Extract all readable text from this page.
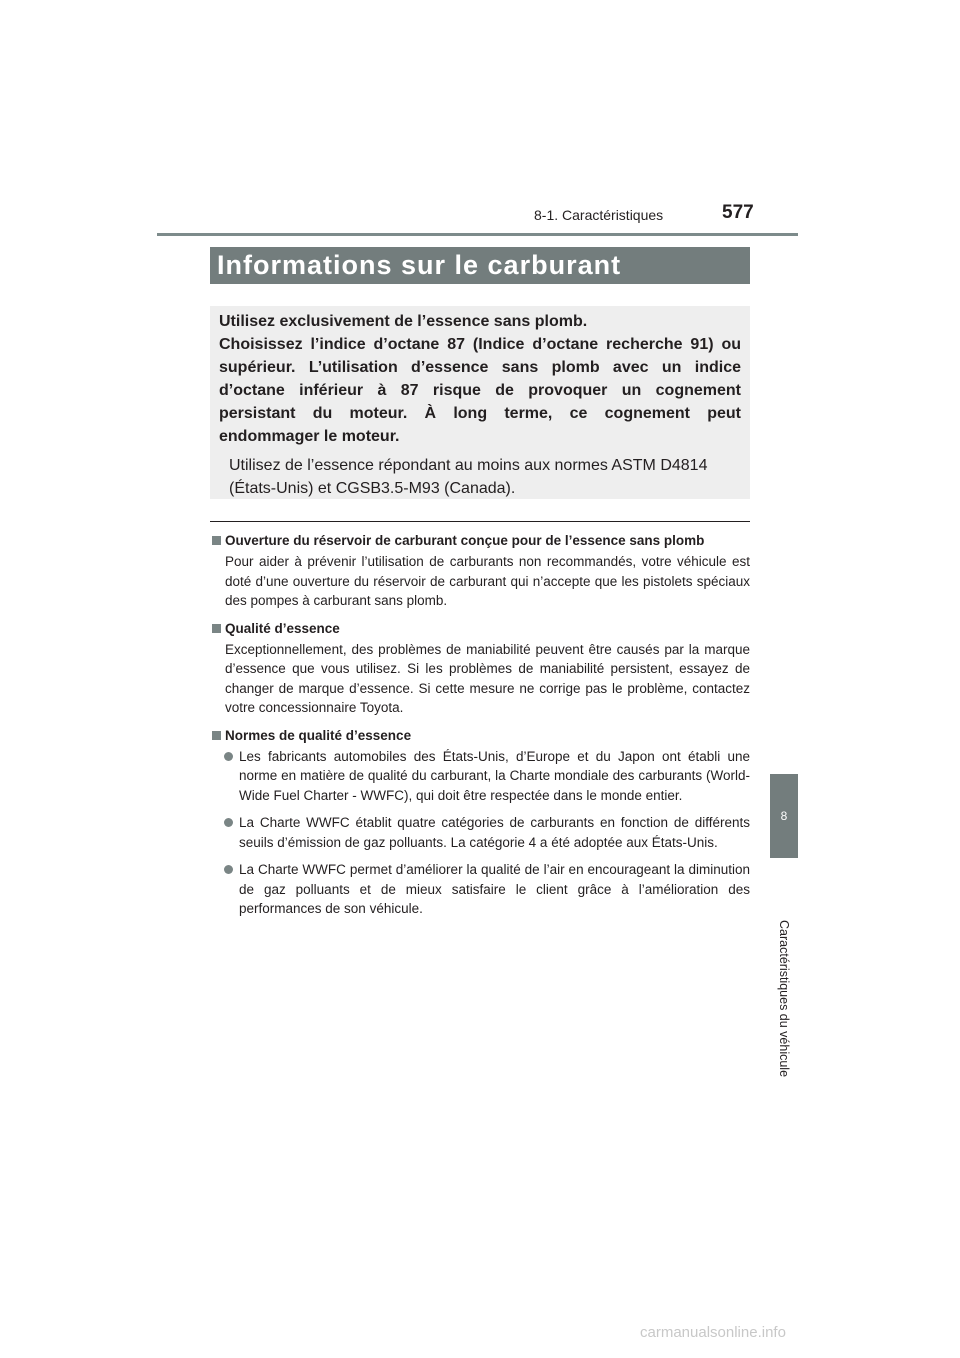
8-1. Caractéristiques	577
Informations sur le carburant

Utilisez exclusivement de l’essence sans plomb.

Choisissez l’indice d’octane 87 (Indice d’octane recherche 91) ou supérieur. L’utilisation d’essence sans plomb avec un indice d’octane inférieur à 87 risque de provoquer un cognement persistant du moteur. À long terme, ce cognement peut endommager le moteur.

Utilisez de l’essence répondant au moins aux normes ASTM D4814 (États-Unis) et CGSB3.5-M93 (Canada).

Ouverture du réservoir de carburant conçue pour de l’essence sans plomb
Pour aider à prévenir l’utilisation de carburants non recommandés, votre véhicule est doté d’une ouverture du réservoir de carburant qui n’accepte que les pistolets spéciaux des pompes à carburant sans plomb.
Qualité d’essence
Exceptionnellement, des problèmes de maniabilité peuvent être causés par la marque d’essence que vous utilisez. Si les problèmes de maniabilité persistent, essayez de changer de marque d’essence. Si cette mesure ne corrige pas le problème, contactez votre concessionnaire Toyota.
Normes de qualité d’essence
Les fabricants automobiles des États-Unis, d’Europe et du Japon ont établi une norme en matière de qualité du carburant, la Charte mondiale des carburants (World-Wide Fuel Charter - WWFC), qui doit être respectée dans le monde entier.
La Charte WWFC établit quatre catégories de carburants en fonction de différents seuils d’émission de gaz polluants. La catégorie 4 a été adoptée aux États-Unis.
La Charte WWFC permet d’améliorer la qualité de l’air en encourageant la diminution de gaz polluants et de mieux satisfaire le client grâce à l’amélioration des performances de son véhicule.
8
Caractéristiques du véhicule
carmanualsonline.info
